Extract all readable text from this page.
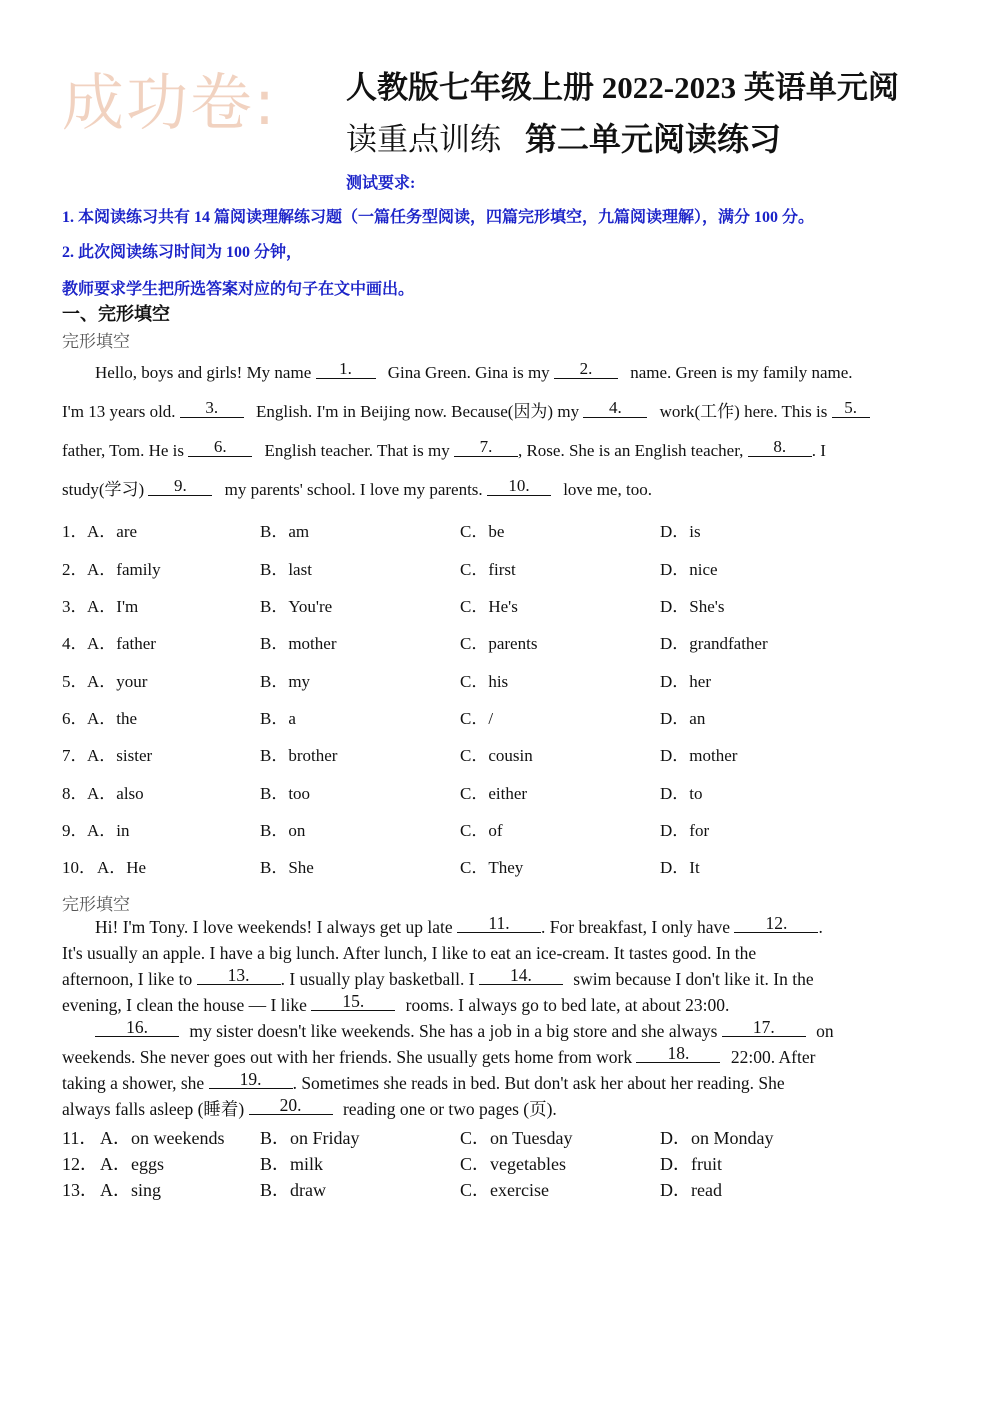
成功卷: 人教版七年级上册 2022-2023 英语单元阅
读重点训练 第二单元阅读练习
测试要求:
1. 本阅读练习共有 14 篇阅读理解练习题（一篇任务型阅读，四篇完形填空，九篇阅读理解），满分 100 分。
2. 此次阅读练习时间为 100 分钟，
教师要求学生把所选答案对应的句子在文中画出。
一、完形填空
完形填空
Hello, boys and girls! My name 1. Gina Green. Gina is my 2. name. Green is my family name.
I'm 13 years old. 3. English. I'm in Beijing now. Because(因为) my 4. work(工作) here. This is 5.
father, Tom. He is 6. English teacher. That is my 7. , Rose. She is an English teacher, 8. . I
study(学习) 9. my parents' school. I love my parents. 10. love me, too.
1． A．are	B．am	C．be	D．is
2． A．family	B．last	C．first	D．nice
3． A．I'm	B．You're	C．He's	D．She's
4． A．father	B．mother	C．parents	D．grandfather
5． A．your	B．my	C．his	D．her
6． A．the	B．a	C．/	D．an
7． A．sister	B．brother	C．cousin	D．mother
8． A．also	B．too	C．either	D．to
9． A．in	B．on	C．of	D．for
10． A．He	B．She	C．They	D．It
完形填空
Hi! I'm Tony. I love weekends! I always get up late 11. . For breakfast, I only have 12. .
It's usually an apple. I have a big lunch. After lunch, I like to eat an ice-cream. It tastes good. In the
afternoon, I like to 13. . I usually play basketball. I 14. swim because I don't like it. In the
evening, I clean the house — I like 15. rooms. I always go to bed late, at about 23:00.
16. my sister doesn't like weekends. She has a job in a big store and she always 17. on
weekends. She never goes out with her friends. She usually gets home from work 18. 22:00. After
taking a shower, she 19. . Sometimes she reads in bed. But don't ask her about her reading. She
always falls asleep (睡着) 20. reading one or two pages (页).
11． A．on weekends B．on Friday	C．on Tuesday	D．on Monday
12． A．eggs	B．milk	C．vegetables	D．fruit
13． A．sing	B．draw	C．exercise	D．read
